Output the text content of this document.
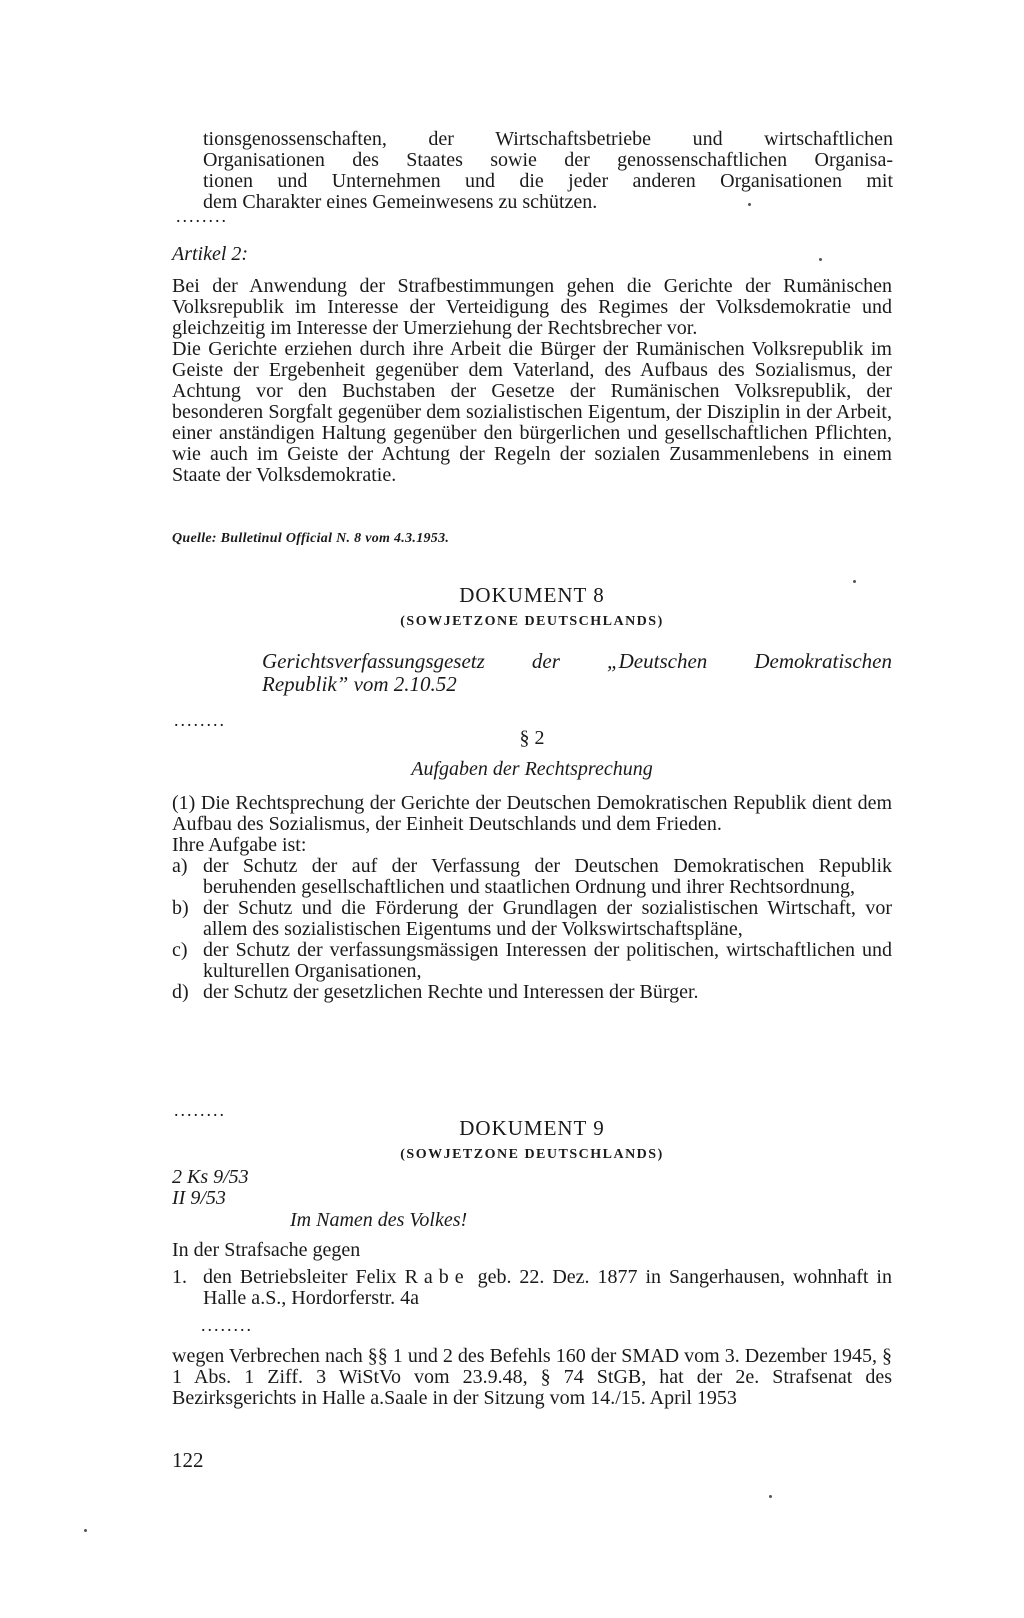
tionsgenossenschaften, der Wirtschaftsbetriebe und wirtschaftlichen

Organisationen des Staates sowie der genossenschaftlichen Organisa-

tionen und Unternehmen und die jeder anderen Organisationen mit

dem Charakter eines Gemeinwesens zu schützen.

........
Artikel 2:

Bei der Anwendung der Strafbestimmungen gehen die Gerichte der Rumänischen Volksrepublik im Interesse der Verteidigung des Regimes der Volksdemokratie und gleichzeitig im Interesse der Umerziehung der Rechtsbrecher vor.

Die Gerichte erziehen durch ihre Arbeit die Bürger der Rumänischen Volksrepublik im Geiste der Ergebenheit gegenüber dem Vaterland, des Aufbaus des Sozialismus, der Achtung vor den Buchstaben der Gesetze der Rumänischen Volksrepublik, der besonderen Sorgfalt gegenüber dem sozialistischen Eigentum, der Disziplin in der Arbeit, einer anständigen Haltung gegenüber den bürgerlichen und gesellschaftlichen Pflichten, wie auch im Geiste der Achtung der Regeln der sozialen Zusammenlebens in einem Staate der Volksdemokratie.

Quelle: Bulletinul Official N. 8 vom 4.3.1953.
DOKUMENT 8
(SOWJETZONE DEUTSCHLANDS)

Gerichtsverfassungsgesetz der „Deutschen Demokratischen

Republik” vom 2.10.52

........
§ 2
Aufgaben der Rechtsprechung

(1) Die Rechtsprechung der Gerichte der Deutschen Demokratischen Republik dient dem Aufbau des Sozialismus, der Einheit Deutschlands und dem Frieden.

Ihre Aufgabe ist:

a) der Schutz der auf der Verfassung der Deutschen Demokratischen Republik beruhenden gesellschaftlichen und staatlichen Ordnung und ihrer Rechtsordnung,
b) der Schutz und die Förderung der Grundlagen der sozialistischen Wirtschaft, vor allem des sozialistischen Eigentums und der Volkswirtschaftspläne,
c) der Schutz der verfassungsmässigen Interessen der politischen, wirtschaftlichen und kulturellen Organisationen,
d) der Schutz der gesetzlichen Rechte und Interessen der Bürger.
........
DOKUMENT 9
(SOWJETZONE DEUTSCHLANDS)

2 Ks 9/53

II 9/53

Im Namen des Volkes!
In der Strafsache gegen
1. den Betriebsleiter Felix Rabe geb. 22. Dez. 1877 in Sangerhausen, wohnhaft in Halle a.S., Hordorferstr. 4a
........
wegen Verbrechen nach §§ 1 und 2 des Befehls 160 der SMAD vom 3. Dezember 1945, § 1 Abs. 1 Ziff. 3 WiStVo vom 23.9.48, § 74 StGB, hat der 2e. Strafsenat des Bezirksgerichts in Halle a.Saale in der Sitzung vom 14./15. April 1953
122
